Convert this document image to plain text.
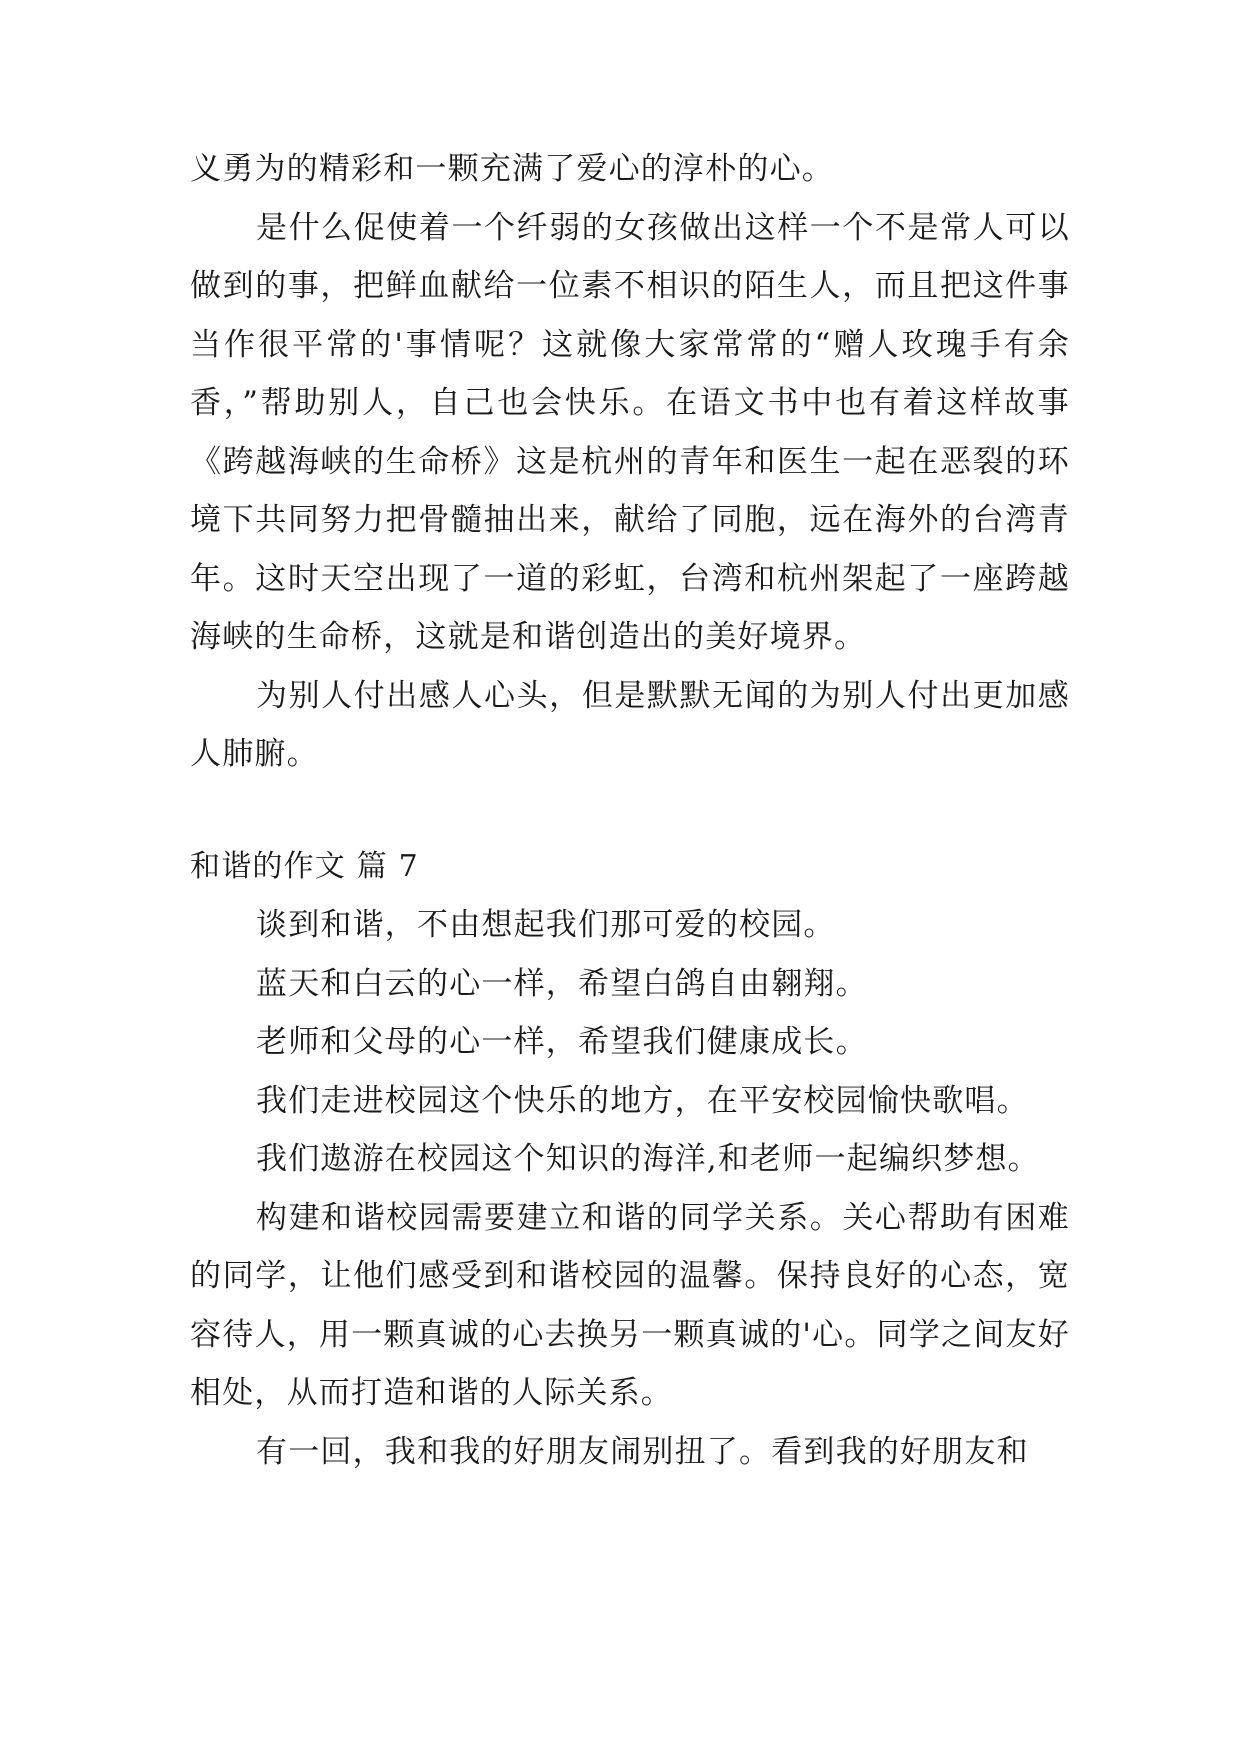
义勇为的精彩和一颗充满了爱心的淳朴的心。

是什么促使着一个纤弱的女孩做出这样一个不是常人可以做到的事，把鲜血献给一位素不相识的陌生人，而且把这件事当作很平常的'事情呢？这就像大家常常的“赠人玫瑰手有余香，”帮助别人，自己也会快乐。在语文书中也有着这样故事《跨越海峡的生命桥》这是杭州的青年和医生一起在恶裂的环境下共同努力把骨髓抽出来，献给了同胞，远在海外的台湾青年。这时天空出现了一道的彩虹，台湾和杭州架起了一座跨越海峡的生命桥，这就是和谐创造出的美好境界。

为别人付出感人心头，但是默默无闻的为别人付出更加感人肺腑。

和谐的作文 篇 7

谈到和谐，不由想起我们那可爱的校园。

蓝天和白云的心一样，希望白鸽自由翱翔。

老师和父母的心一样，希望我们健康成长。

我们走进校园这个快乐的地方，在平安校园愉快歌唱。

我们遨游在校园这个知识的海洋,和老师一起编织梦想。

构建和谐校园需要建立和谐的同学关系。关心帮助有困难的同学，让他们感受到和谐校园的温馨。保持良好的心态，宽容待人，用一颗真诚的心去换另一颗真诚的'心。同学之间友好相处，从而打造和谐的人际关系。

有一回，我和我的好朋友闹别扭了。看到我的好朋友和
